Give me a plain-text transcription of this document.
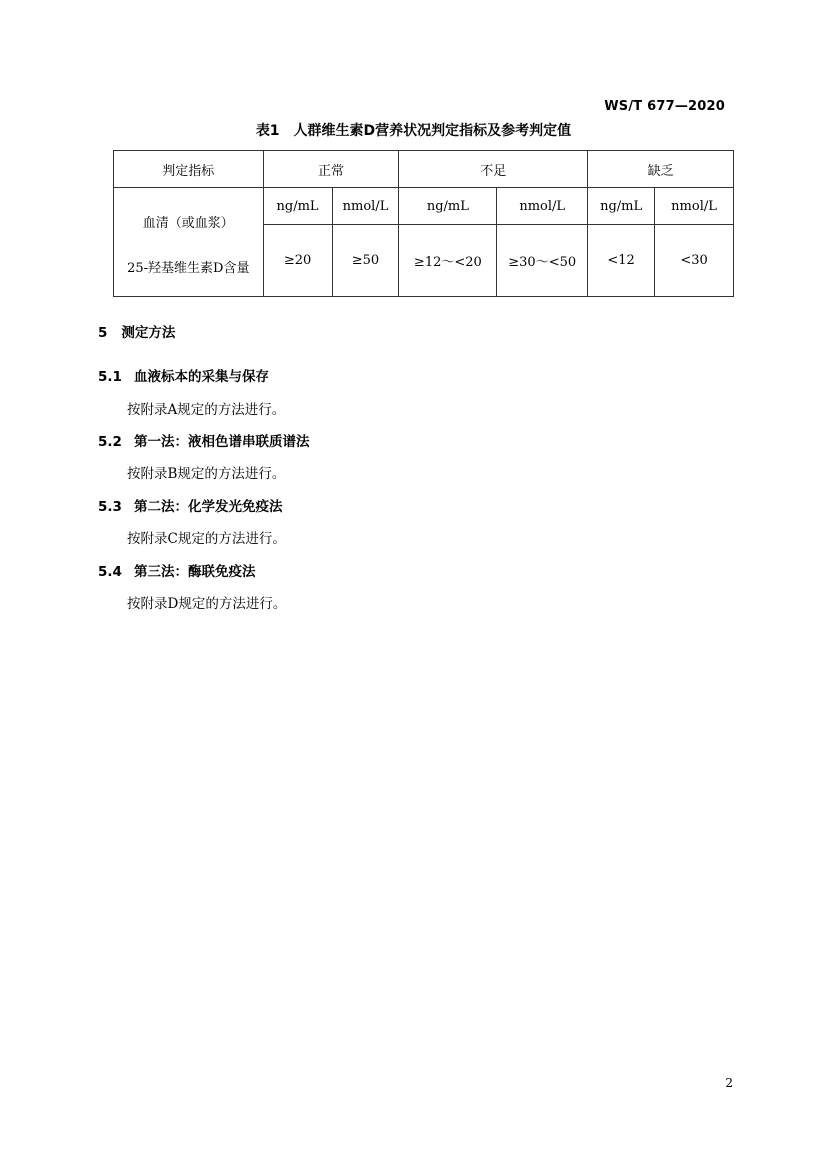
WS/T 677—2020
表1　人群维生素D营养状况判定指标及参考判定值
判定指标	正常		不足		缺乏	

血清（或血浆）
25-羟基维生素D含量	ng/mL	nmol/L	ng/mL	nmol/L	ng/mL	nmol/L
	≥20	≥50	≥12～<20	≥30～<50	<12	<30
5 测定方法
5.1 血液标本的采集与保存
按附录A规定的方法进行。
5.2 第一法：液相色谱串联质谱法
按附录B规定的方法进行。
5.3 第二法：化学发光免疫法
按附录C规定的方法进行。
5.4 第三法：酶联免疫法
按附录D规定的方法进行。
2
